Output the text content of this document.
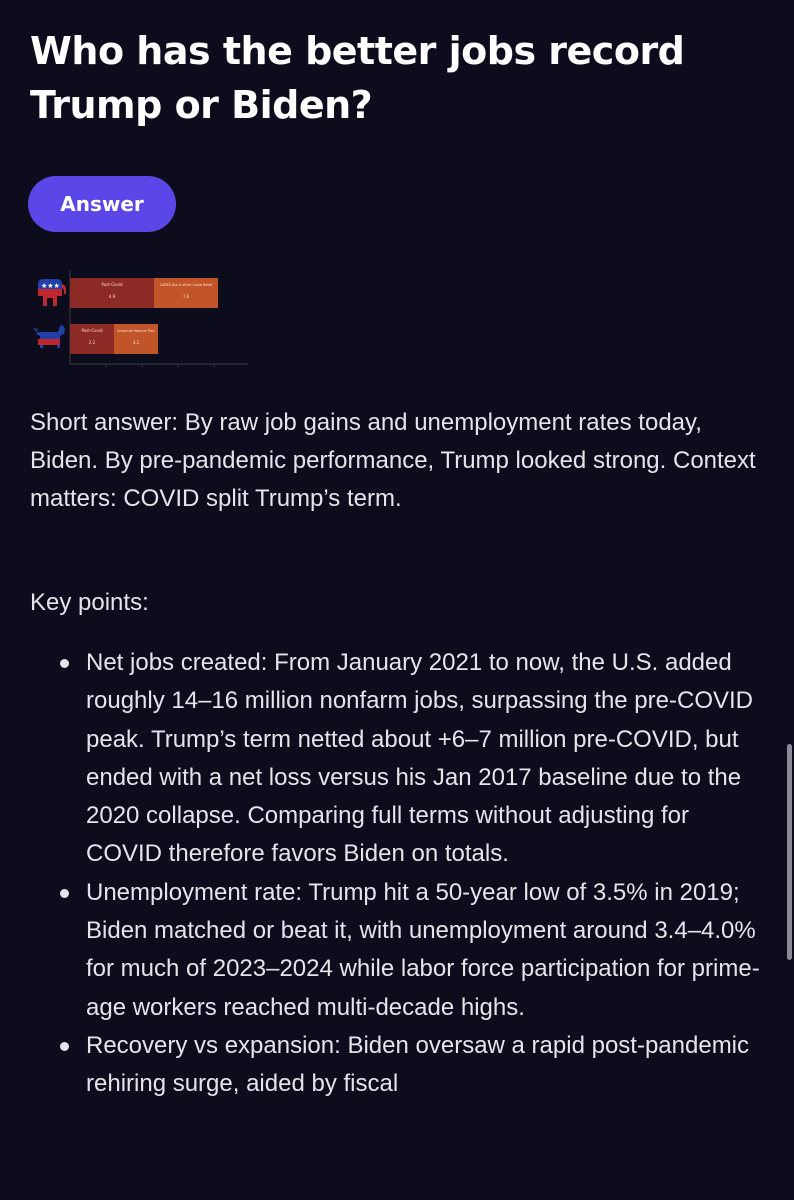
Who has the better jobs record Trump or Biden?
Answer
★★★	Post-Covid
4.9
CARES Act & other Covid Relief
7.6
Post-Covid
2.2
American Rescue Plan
3.1

Short answer: By raw job gains and unemployment rates today, Biden. By pre-pandemic performance, Trump looked strong. Context matters: COVID split Trump’s term.

Key points:

Net jobs created: From January 2021 to now, the U.S. added roughly 14–16 million nonfarm jobs, surpassing the pre-COVID peak. Trump’s term netted about +6–7 million pre-COVID, but ended with a net loss versus his Jan 2017 baseline due to the 2020 collapse. Comparing full terms without adjusting for COVID therefore favors Biden on totals.
Unemployment rate: Trump hit a 50-year low of 3.5% in 2019; Biden matched or beat it, with unemployment around 3.4–4.0% for much of 2023–2024 while labor force participation for prime-age workers reached multi-decade highs.
Recovery vs expansion: Biden oversaw a rapid post-pandemic rehiring surge, aided by fiscal
